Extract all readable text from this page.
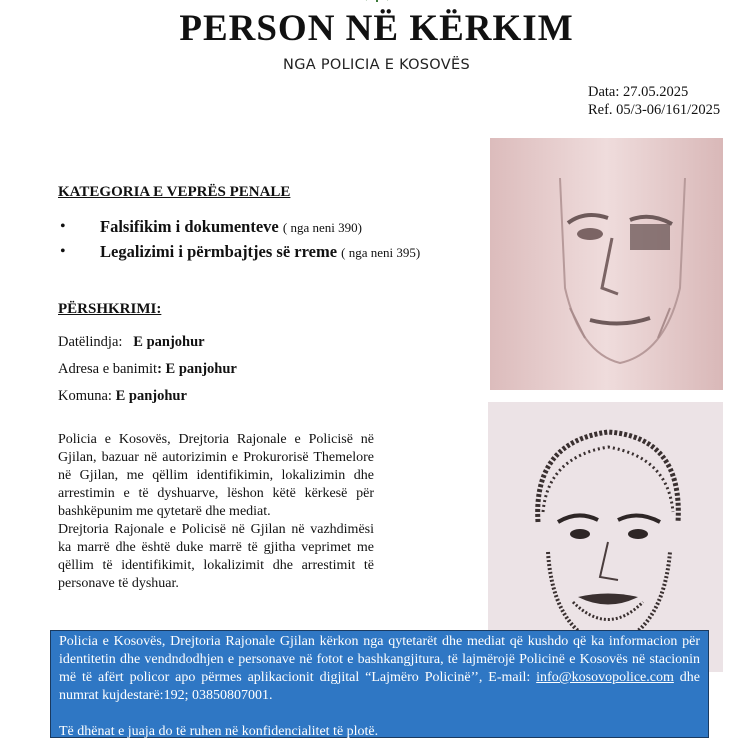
PERSON NË KËRKIM
NGA POLICIA E KOSOVËS
Data: 27.05.2025
Ref. 05/3-06/161/2025
KATEGORIA E VEPRËS PENALE
• Falsifikim i dokumenteve ( nga neni 390)
• Legalizimi i përmbajtjes së rreme ( nga neni 395)
PËRSHKRIMI:
Datëlindja: E panjohur
Adresa e banimit: E panjohur
Komuna: E panjohur

Policia e Kosovës, Drejtoria Rajonale e Policisë në Gjilan, bazuar në autorizimin e Prokurorisë Themelore në Gjilan, me qëllim identifikimin, lokalizimin dhe arrestimin e të dyshuarve, lëshon këtë kërkesë për bashkëpunim me qytetarë dhe mediat.

Drejtoria Rajonale e Policisë në Gjilan në vazhdimësi ka marrë dhe është duke marrë të gjitha veprimet me qëllim të identifikimit, lokalizimit dhe arrestimit të personave të dyshuar.

Policia e Kosovës, Drejtoria Rajonale Gjilan kërkon nga qytetarët dhe mediat që kushdo që ka informacion për identitetin dhe vendndodhjen e personave në fotot e bashkangjitura, të lajmërojë Policinë e Kosovës në stacionin më të afërt policor apo përmes aplikacionit digjital “Lajmëro Policinë’’, E-mail: info@kosovopolice.com dhe numrat kujdestarë:192; 03850807001.
Të dhënat e juaja do të ruhen në konfidencialitet të plotë.
